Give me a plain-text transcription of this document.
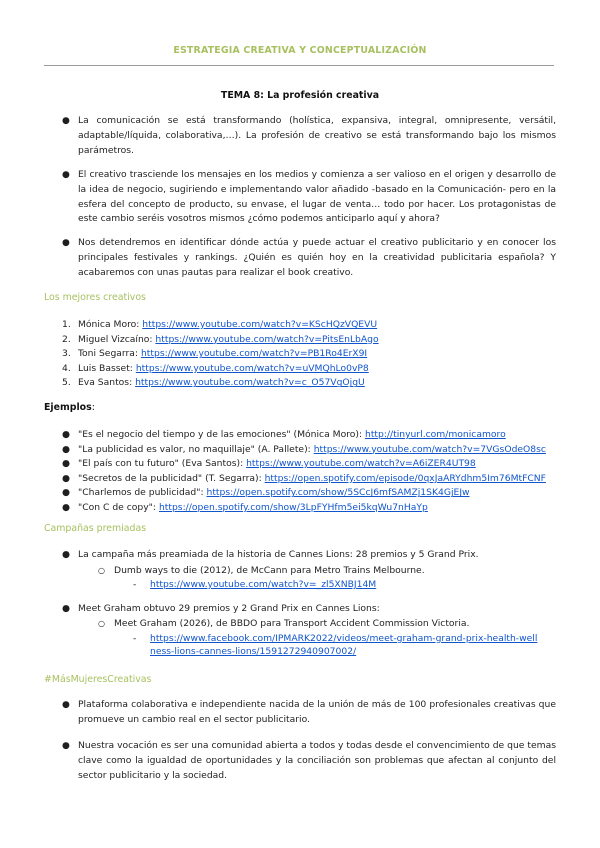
ESTRATEGIA CREATIVA Y CONCEPTUALIZACIÓN
TEMA 8: La profesión creativa
● La comunicación se está transformando (holística, expansiva, integral, omnipresente, versátil, adaptable/líquida, colaborativa,…). La profesión de creativo se está transformando bajo los mismos parámetros.
● El creativo trasciende los mensajes en los medios y comienza a ser valioso en el origen y desarrollo de la idea de negocio, sugiriendo e implementando valor añadido -basado en la Comunicación- pero en la esfera del concepto de producto, su envase, el lugar de venta… todo por hacer. Los protagonistas de este cambio seréis vosotros mismos ¿cómo podemos anticiparlo aquí y ahora?
● Nos detendremos en identificar dónde actúa y puede actuar el creativo publicitario y en conocer los principales festivales y rankings. ¿Quién es quién hoy en la creatividad publicitaria española? Y acabaremos con unas pautas para realizar el book creativo.
Los mejores creativos
1. Mónica Moro: https://www.youtube.com/watch?v=KScHQzVQEVU
2. Miguel Vizcaíno: https://www.youtube.com/watch?v=PitsEnLbAgo
3. Toni Segarra: https://www.youtube.com/watch?v=PB1Ro4ErX9I
4. Luis Basset: https://www.youtube.com/watch?v=uVMQhLo0vP8
5. Eva Santos: https://www.youtube.com/watch?v=c_O57VgOjgU
Ejemplos:
● "Es el negocio del tiempo y de las emociones" (Mónica Moro): http://tinyurl.com/monicamoro
● "La publicidad es valor, no maquillaje" (A. Pallete): https://www.youtube.com/watch?v=7VGsOdeO8sc
● "El país con tu futuro" (Eva Santos): https://www.youtube.com/watch?v=A6iZER4UT98
● "Secretos de la publicidad" (T. Segarra): https://open.spotify.com/episode/0qxJaARYdhm5Im76MtFCNF
● "Charlemos de publicidad": https://open.spotify.com/show/5SCcJ6mfSAMZj1SK4GjEJw
● "Con C de copy": https://open.spotify.com/show/3LpFYHfm5ei5kqWu7nHaYp
Campañas premiadas
● La campaña más preamiada de la historia de Cannes Lions: 28 premios y 5 Grand Prix.
○ Dumb ways to die (2012), de McCann para Metro Trains Melbourne.
- https://www.youtube.com/watch?v=_zl5XNBJ14M
● Meet Graham obtuvo 29 premios y 2 Grand Prix en Cannes Lions:
○ Meet Graham (2026), de BBDO para Transport Accident Commission Victoria.
- https://www.facebook.com/IPMARK2022/videos/meet-graham-grand-prix-health-well
ness-lions-cannes-lions/1591272940907002/
#MásMujeresCreativas
● Plataforma colaborativa e independiente nacida de la unión de más de 100 profesionales creativas que promueve un cambio real en el sector publicitario.
● Nuestra vocación es ser una comunidad abierta a todos y todas desde el convencimiento de que temas clave como la igualdad de oportunidades y la conciliación son problemas que afectan al conjunto del sector publicitario y la sociedad.
